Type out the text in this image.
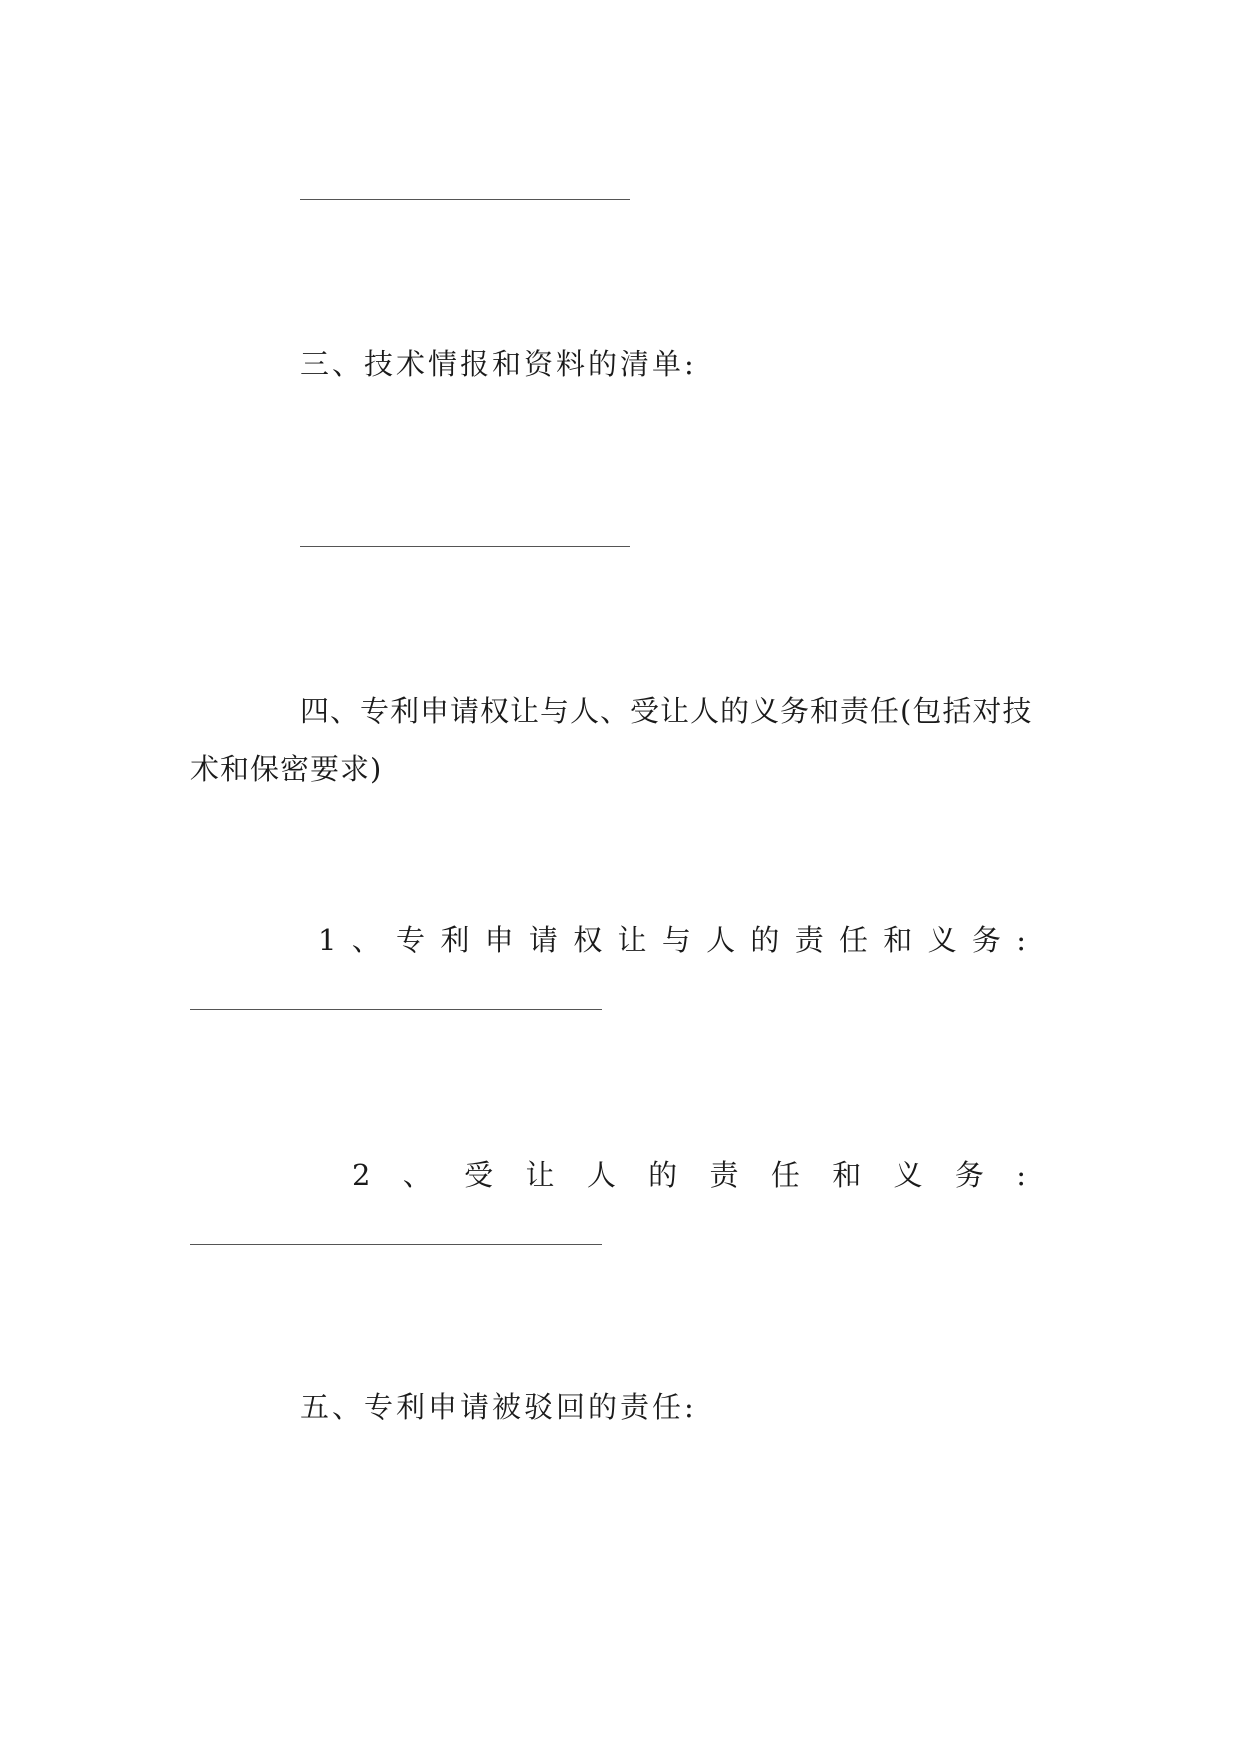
三、技术情报和资料的清单:
四、专利申请权让与人、受让人的义务和责任(包括对技术和保密要求)
1 、 专 利 申 请 权 让 与 人 的 责 任 和 义 务 :
2 、 受 让 人 的 责 任 和 义 务 :
五、专利申请被驳回的责任:
